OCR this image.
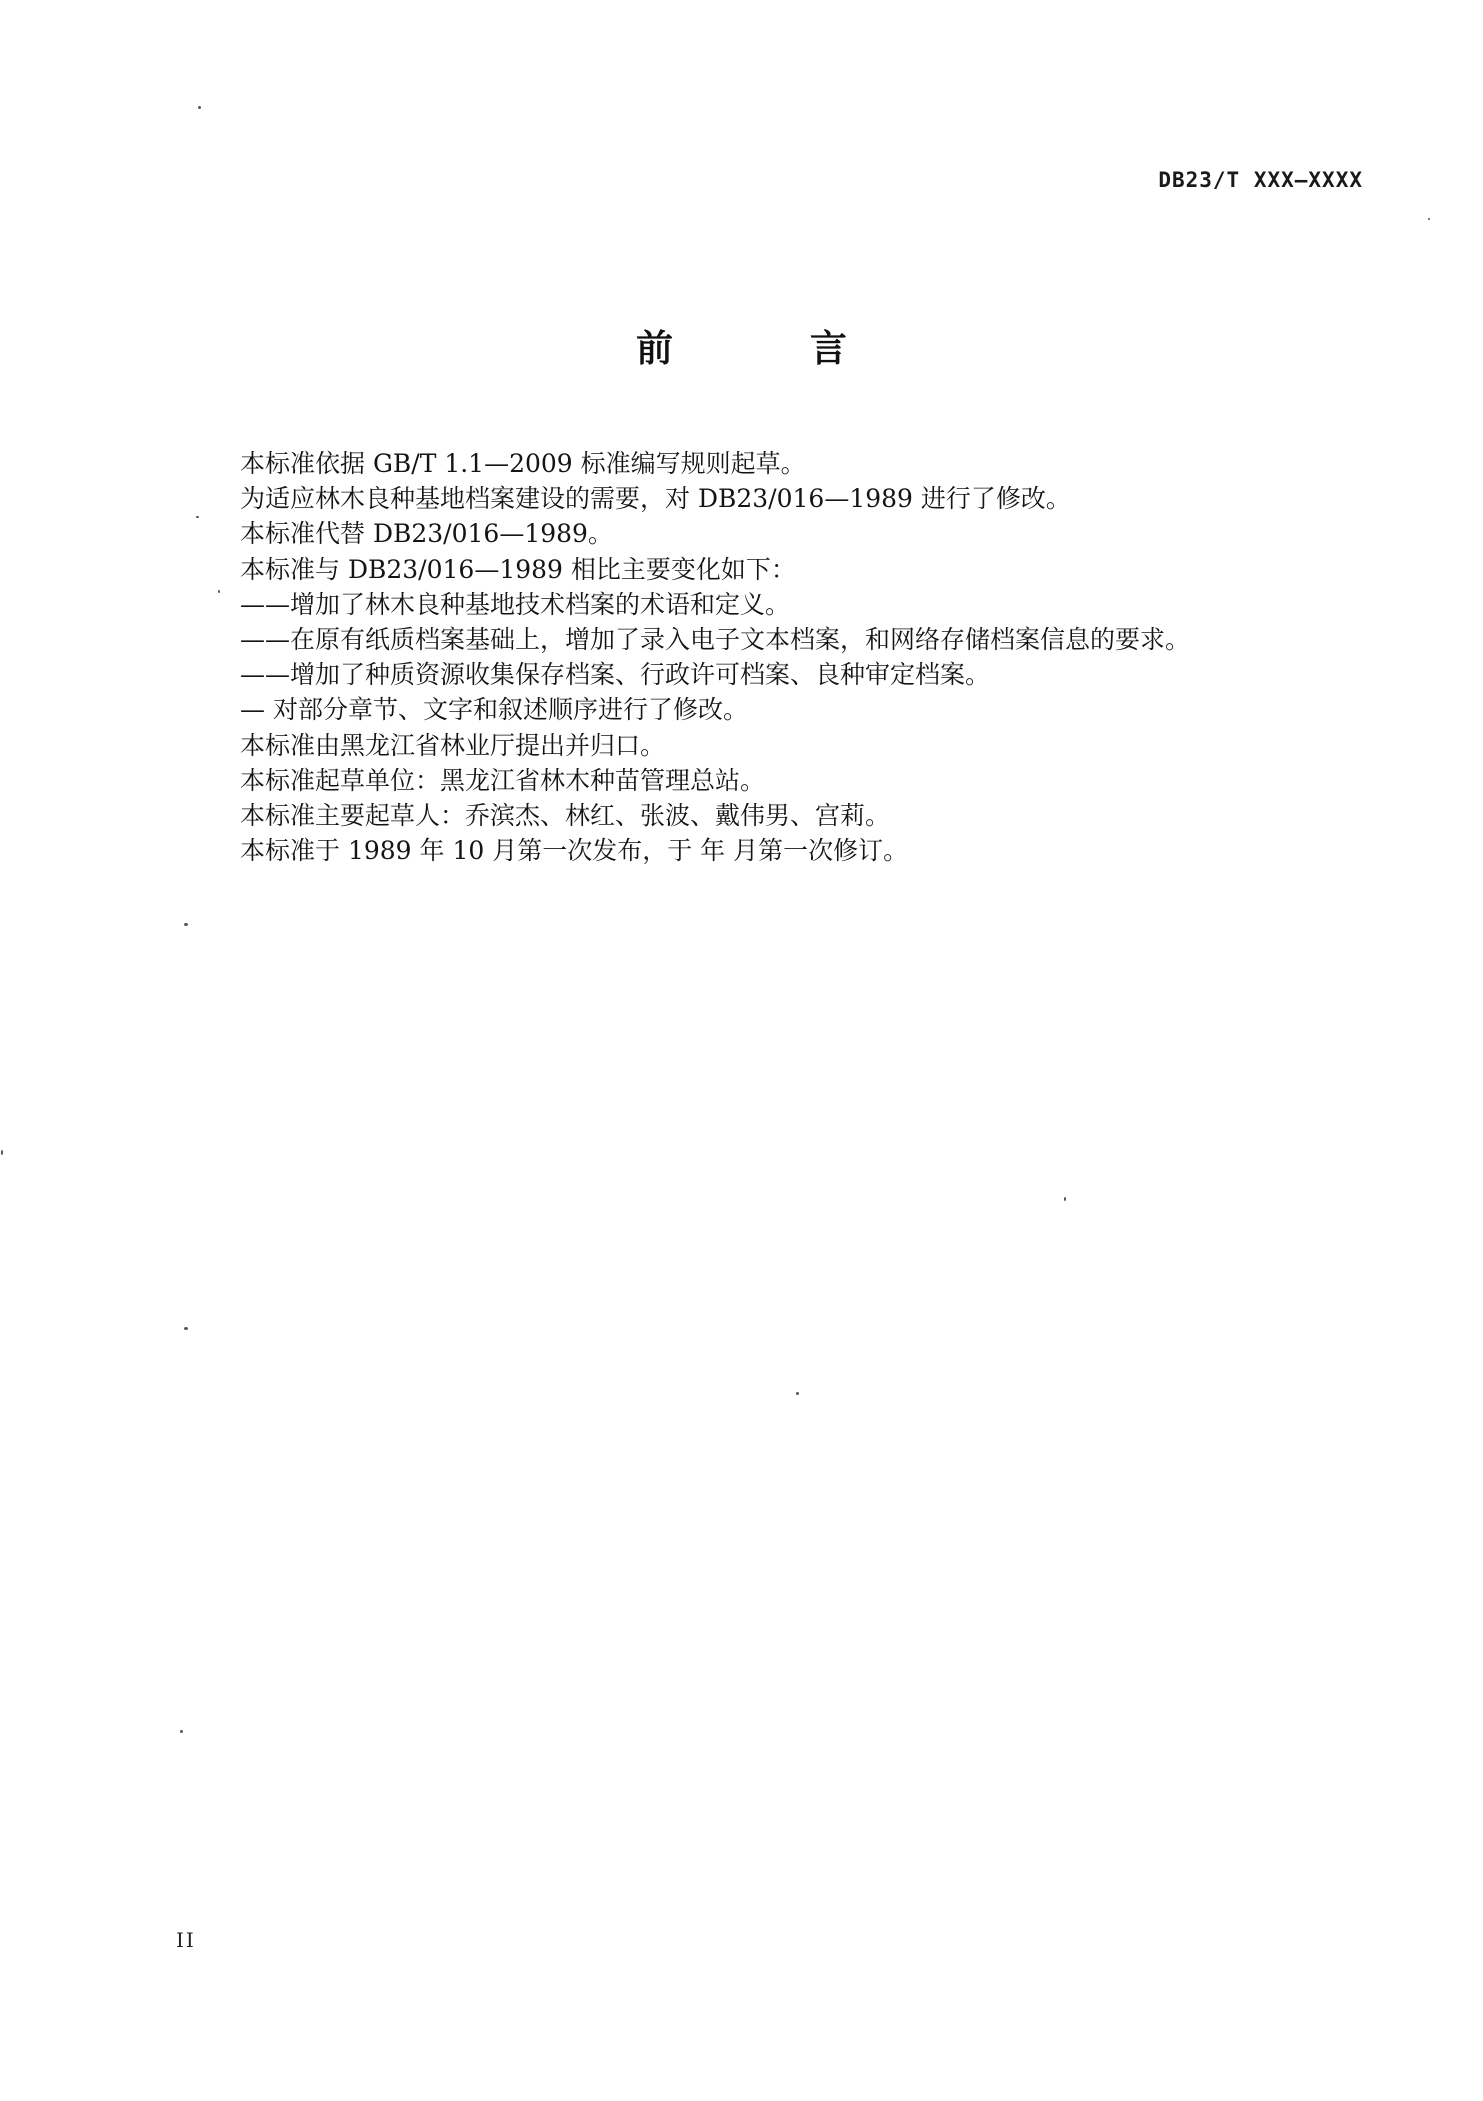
DB23/T XXX—XXXX
前 言
本标准依据 GB/T 1.1—2009 标准编写规则起草。
为适应林木良种基地档案建设的需要，对 DB23/016—1989 进行了修改。
本标准代替 DB23/016—1989。
本标准与 DB23/016—1989 相比主要变化如下：
——增加了林木良种基地技术档案的术语和定义。
——在原有纸质档案基础上，增加了录入电子文本档案，和网络存储档案信息的要求。
——增加了种质资源收集保存档案、行政许可档案、良种审定档案。
— 对部分章节、文字和叙述顺序进行了修改。
本标准由黑龙江省林业厅提出并归口。
本标准起草单位：黑龙江省林木种苗管理总站。
本标准主要起草人：乔滨杰、林红、张波、戴伟男、宫莉。
本标准于 1989 年 10 月第一次发布，于 年 月第一次修订。
II
